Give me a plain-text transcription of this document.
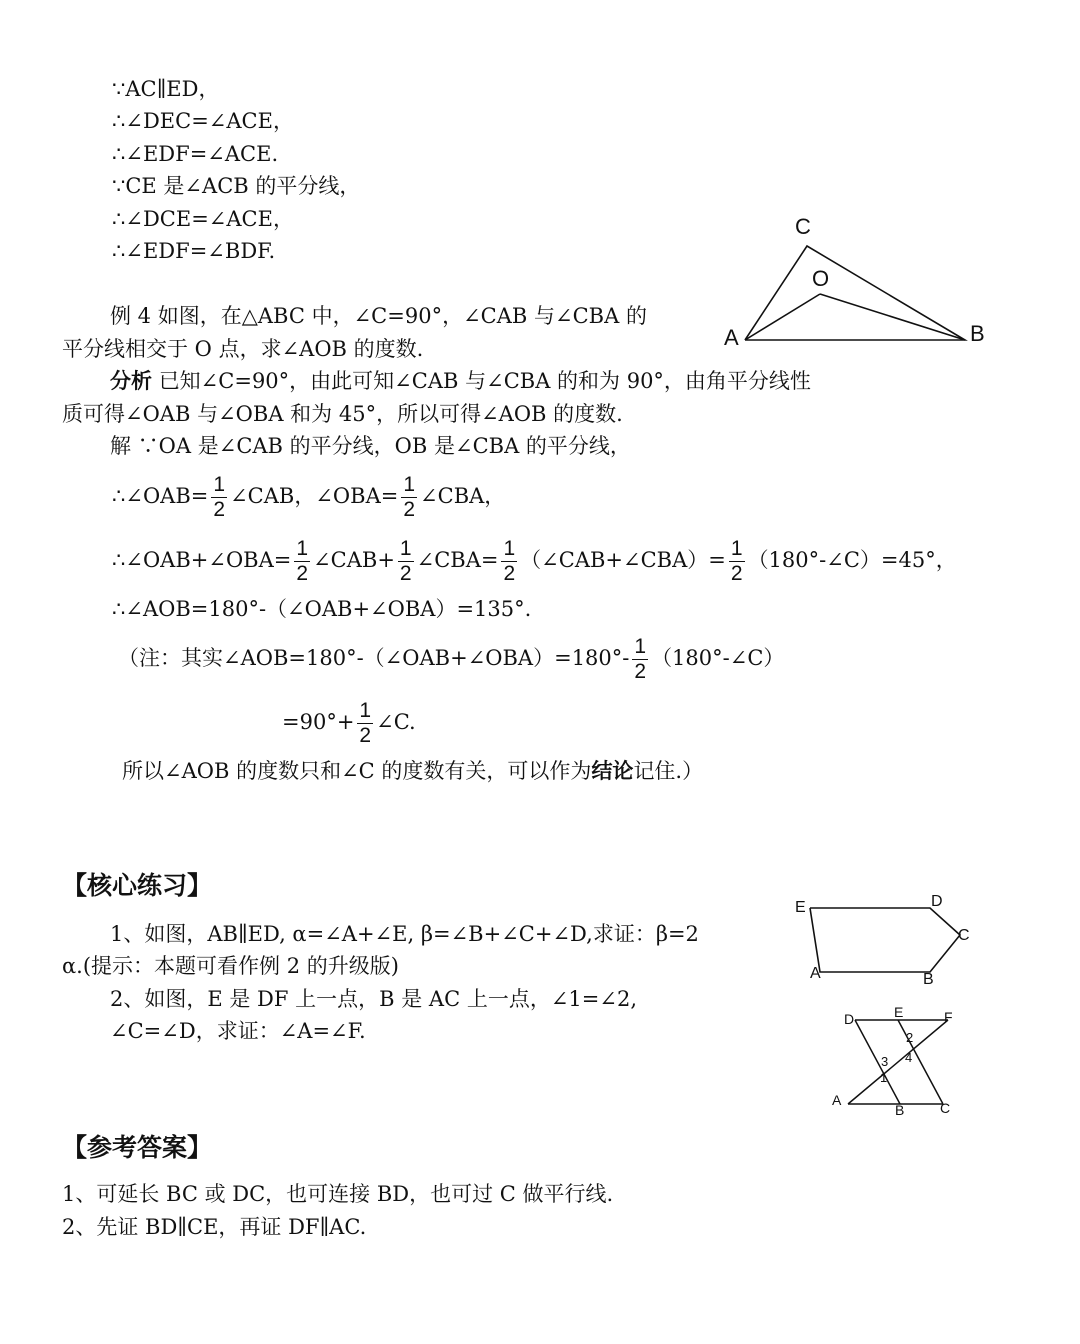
∵AC∥ED，
∴∠DEC=∠ACE，
∴∠EDF=∠ACE.
∵CE 是∠ACB 的平分线，
∴∠DCE=∠ACE，
∴∠EDF=∠BDF.
C
O
A	B
例 4 如图，在△ABC 中，∠C=90°，∠CAB 与∠CBA 的
平分线相交于 O 点，求∠AOB 的度数.
分析 已知∠C=90°，由此可知∠CAB 与∠CBA 的和为 90°，由角平分线性
质可得∠OAB 与∠OBA 和为 45°，所以可得∠AOB 的度数.
解 ∵OA 是∠CAB 的平分线，OB 是∠CBA 的平分线，
∴∠OAB= $\frac{1}{2}$ ∠CAB，∠OBA= $\frac{1}{2}$ ∠CBA，
∴∠OAB+∠OBA= $\frac{1}{2}$ ∠CAB+ $\frac{1}{2}$ ∠CBA= $\frac{1}{2}$ （∠CAB+∠CBA）= $\frac{1}{2}$ （180°-∠C）=45°，
∴∠AOB=180°-（∠OAB+∠OBA）=135°.
（注：其实∠AOB=180°-（∠OAB+∠OBA）=180°- $\frac{1}{2}$ （180°-∠C）
$=90^\circ+ \frac{1}{2}$ ∠C.
所以∠AOB 的度数只和∠C 的度数有关，可以作为结论记住.）
【核心练习】
E	D
C
A	B
1、如图，AB∥ED, α=∠A+∠E, β=∠B+∠C+∠D,求证：β=2
α.(提示：本题可看作例 2 的升级版)
2、如图，E 是 DF 上一点，B 是 AC 上一点，∠1=∠2,
∠C=∠D，求证：∠A=∠F.	D	E	F
2
3 4
1
A
B	C
【参考答案】
1、可延长 BC 或 DC，也可连接 BD，也可过 C 做平行线.
2、先证 BD∥CE，再证 DF∥AC.
